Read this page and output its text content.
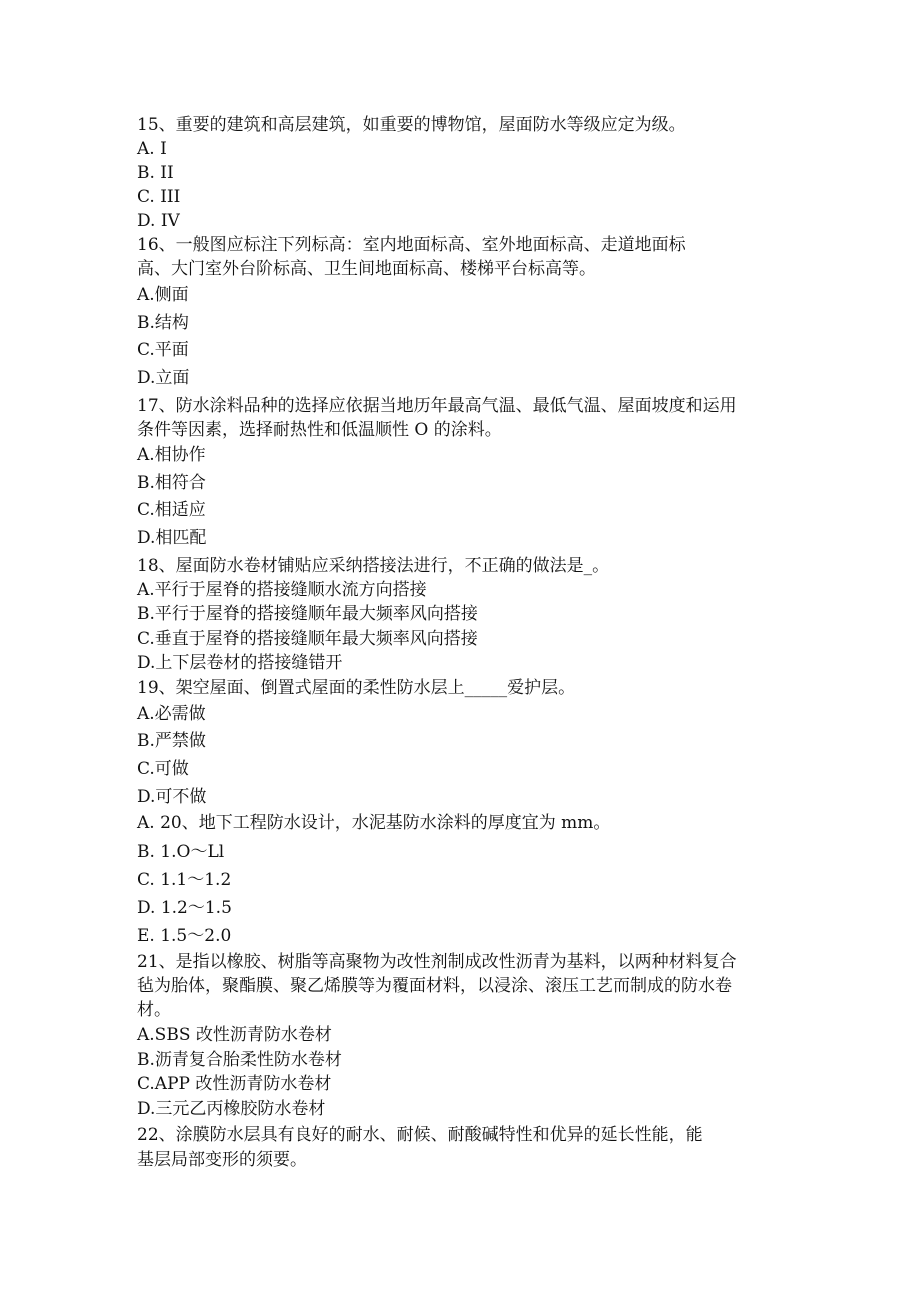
15、重要的建筑和高层建筑，如重要的博物馆，屋面防水等级应定为级。
A. I
B. II
C. III
D. IV
16、一般图应标注下列标高：室内地面标高、室外地面标高、走道地面标
高、大门室外台阶标高、卫生间地面标高、楼梯平台标高等。
A.侧面
B.结构
C.平面
D.立面
17、防水涂料品种的选择应依据当地历年最高气温、最低气温、屋面坡度和运用
条件等因素，选择耐热性和低温顺性 O 的涂料。
A.相协作
B.相符合
C.相适应
D.相匹配
18、屋面防水卷材铺贴应采纳搭接法进行，不正确的做法是_。
A.平行于屋脊的搭接缝顺水流方向搭接
B.平行于屋脊的搭接缝顺年最大频率风向搭接
C.垂直于屋脊的搭接缝顺年最大频率风向搭接
D.上下层卷材的搭接缝错开
19、架空屋面、倒置式屋面的柔性防水层上_____爱护层。
A.必需做
B.严禁做
C.可做
D.可不做
A. 20、地下工程防水设计，水泥基防水涂料的厚度宜为 mm。
B. 1.O～Ll
C. 1.1～1.2
D. 1.2～1.5
E. 1.5～2.0
21、是指以橡胶、树脂等高聚物为改性剂制成改性沥青为基料，以两种材料复合
毡为胎体，聚酯膜、聚乙烯膜等为覆面材料，以浸涂、滚压工艺而制成的防水卷
材。
A.SBS 改性沥青防水卷材
B.沥青复合胎柔性防水卷材
C.APP 改性沥青防水卷材
D.三元乙丙橡胶防水卷材
22、涂膜防水层具有良好的耐水、耐候、耐酸碱特性和优异的延长性能，能
基层局部变形的须要。
